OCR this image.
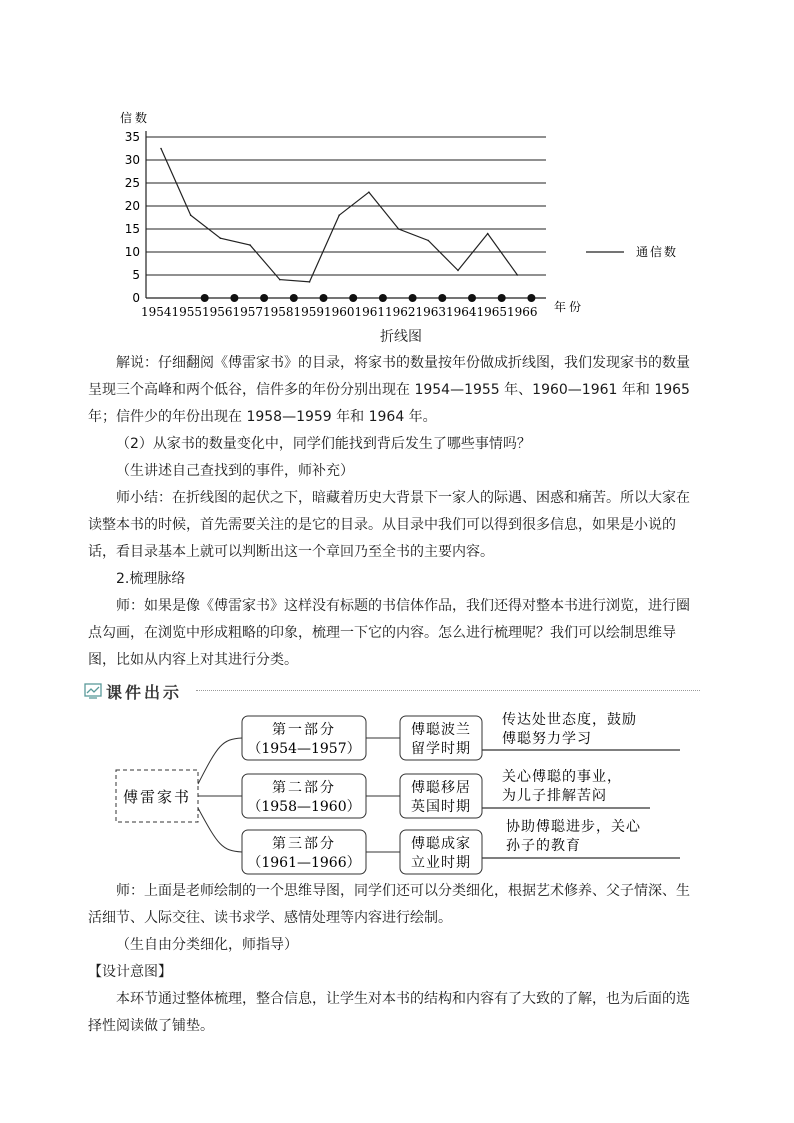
0
5
10
15
20
25
30
35
1954 1955 1956 1957 1958 1959 1960 1961 1962 1963 1964 1965 1966
信数
年份
通信数
折线图
解说：仔细翻阅《傅雷家书》的目录，将家书的数量按年份做成折线图，我们发现家书的数量呈现三个高峰和两个低谷，信件多的年份分别出现在 1954—1955 年、1960—1961 年和 1965 年；信件少的年份出现在 1958—1959 年和 1964 年。
（2）从家书的数量变化中，同学们能找到背后发生了哪些事情吗？
（生讲述自己查找到的事件，师补充）
师小结：在折线图的起伏之下，暗藏着历史大背景下一家人的际遇、困惑和痛苦。所以大家在读整本书的时候，首先需要关注的是它的目录。从目录中我们可以得到很多信息，如果是小说的话，看目录基本上就可以判断出这一个章回乃至全书的主要内容。
2.梳理脉络
师：如果是像《傅雷家书》这样没有标题的书信体作品，我们还得对整本书进行浏览，进行圈点勾画，在浏览中形成粗略的印象，梳理一下它的内容。怎么进行梳理呢？我们可以绘制思维导图，比如从内容上对其进行分类。
课件出示
傅雷家书
第一部分
（1954—1957）
第二部分
（1958—1960）
第三部分
（1961—1966）
傅聪波兰
留学时期
傅聪移居
英国时期
傅聪成家
立业时期
传达处世态度，鼓励
傅聪努力学习
关心傅聪的事业，
为儿子排解苦闷
协助傅聪进步，关心
孙子的教育
师：上面是老师绘制的一个思维导图，同学们还可以分类细化，根据艺术修养、父子情深、生活细节、人际交往、读书求学、感情处理等内容进行绘制。
（生自由分类细化，师指导）
【设计意图】
本环节通过整体梳理，整合信息，让学生对本书的结构和内容有了大致的了解，也为后面的选择性阅读做了铺垫。
